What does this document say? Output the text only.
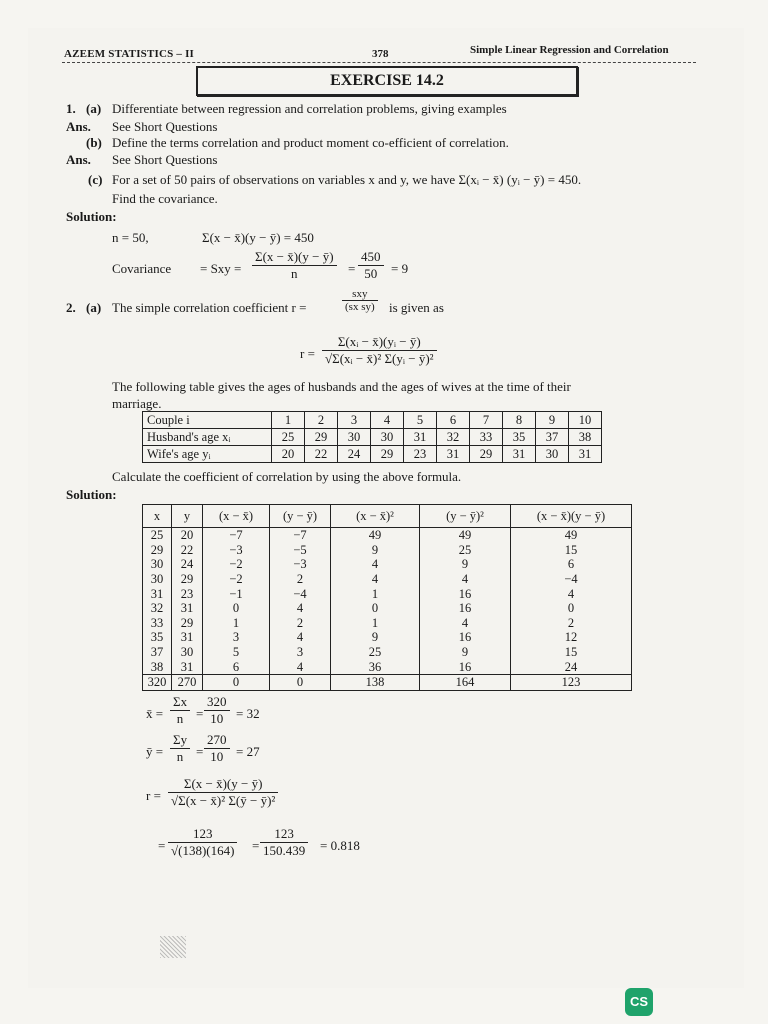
AZEEM STATISTICS – II	378	Simple Linear Regression and Correlation
EXERCISE 14.2
1. (a) Differentiate between regression and correlation problems, giving examples
Ans. See Short Questions
(b) Define the terms correlation and product moment co-efficient of correlation.
Ans. See Short Questions
(c) For a set of 50 pairs of observations on variables x and y, we have Σ(xᵢ − x̄) (yᵢ − ȳ) = 450.
Find the covariance.
Solution:
n = 50,	Σ(x − x̄)(y − ȳ) = 450
Covariance = Sxy = $\frac{\Sigma(x - x̄)(y - ȳ)}{n} = \frac{450}{50} = 9$
2. (a) The simple correlation coefficient r =	$\frac{\text{sxy}}{\text{(sx sy)}}$ is given as
$r = \frac{\text{Σ(xᵢ − x̄)(yᵢ − ȳ)}}{\text{√Σ(xᵢ − x̄)² Σ(yᵢ − ȳ)²}}$
The following table gives the ages of husbands and the ages of wives at the time of their
marriage.
Couple i	1	2	3	4	5	6	7	8	9	10
Husband's age xᵢ	25	29	30	30	31	32	33	35	37	38
Wife's age yᵢ	20	22	24	29	23	31	29	31	30	31
Calculate the coefficient of correlation by using the above formula.
Solution:
x	y	(x − x̄)	(y − ȳ)	(x − x̄)²	(y − ȳ)²	(x − x̄)(y − ȳ)
25	20	−7	−7	49	49	49
29	22	−3	−5	9	25	15
30	24	−2	−3	4	9	6
30	29	−2	2	4	4	−4
31	23	−1	−4	1	16	4
32	31	0	4	0	16	0
33	29	1	2	1	4	2
35	31	3	4	9	16	12
37	30	5	3	25	9	15
38	31	6	4	36	16	24
320	270	0	0	138	164	123
x̄ = $\frac{\Sigma x}{n} = \frac{320}{10} = 32$
ȳ = $\frac{\Sigma y}{n} = \frac{270}{10} = 27$
$r = \frac{\Sigma(x - x̄)(y - ȳ)}{\text{√Σ(x − x̄)² Σ(ȳ − ȳ)²}}$
= $\frac{123}{√(138)(164)} = \frac{123}{150.439} = 0.818$
CS
